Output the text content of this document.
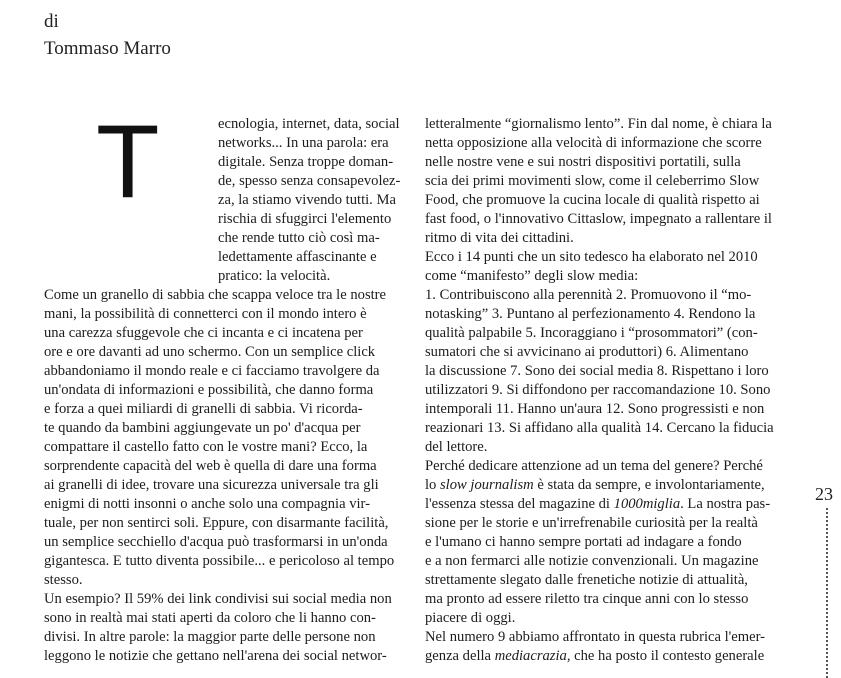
di
Tommaso Marro
T	ecnologia, internet, data, social
networks... In una parola: era
digitale. Senza troppe doman-
de, spesso senza consapevolez-
za, la stiamo vivendo tutti. Ma
rischia di sfuggirci l'elemento
che rende tutto ciò così ma-
ledettamente affascinante e
pratico: la velocità.
Come un granello di sabbia che scappa veloce tra le nostre
mani, la possibilità di connetterci con il mondo intero è
una carezza sfuggevole che ci incanta e ci incatena per
ore e ore davanti ad uno schermo. Con un semplice click
abbandoniamo il mondo reale e ci facciamo travolgere da
un'ondata di informazioni e possibilità, che danno forma
e forza a quei miliardi di granelli di sabbia. Vi ricorda-
te quando da bambini aggiungevate un po' d'acqua per
compattare il castello fatto con le vostre mani? Ecco, la
sorprendente capacità del web è quella di dare una forma
ai granelli di idee, trovare una sicurezza universale tra gli
enigmi di notti insonni o anche solo una compagnia vir-
tuale, per non sentirci soli. Eppure, con disarmante facilità,
un semplice secchiello d'acqua può trasformarsi in un'onda
gigantesca. E tutto diventa possibile... e pericoloso al tempo
stesso.
Un esempio? Il 59% dei link condivisi sui social media non
sono in realtà mai stati aperti da coloro che li hanno con-
divisi. In altre parole: la maggior parte delle persone non
leggono le notizie che gettano nell'arena dei social networ-
letteralmente “giornalismo lento”. Fin dal nome, è chiara la
netta opposizione alla velocità di informazione che scorre
nelle nostre vene e sui nostri dispositivi portatili, sulla
scia dei primi movimenti slow, come il celeberrimo Slow
Food, che promuove la cucina locale di qualità rispetto ai
fast food, o l'innovativo Cittaslow, impegnato a rallentare il
ritmo di vita dei cittadini.
Ecco i 14 punti che un sito tedesco ha elaborato nel 2010
come “manifesto” degli slow media:
1. Contribuiscono alla perennità 2. Promuovono il “mo-
notasking” 3. Puntano al perfezionamento 4. Rendono la
qualità palpabile 5. Incoraggiano i “prosommatori” (con-
sumatori che si avvicinano ai produttori) 6. Alimentano
la discussione 7. Sono dei social media 8. Rispettano i loro
utilizzatori 9. Si diffondono per raccomandazione 10. Sono
intemporali 11. Hanno un'aura 12. Sono progressisti e non
reazionari 13. Si affidano alla qualità 14. Cercano la fiducia
del lettore.
Perché dedicare attenzione ad un tema del genere? Perché
lo slow journalism è stata da sempre, e involontariamente,
l'essenza stessa del magazine di 1000miglia. La nostra pas-
sione per le storie e un'irrefrenabile curiosità per la realtà
e l'umano ci hanno sempre portati ad indagare a fondo
e a non fermarci alle notizie convenzionali. Un magazine
strettamente slegato dalle frenetiche notizie di attualità,
ma pronto ad essere riletto tra cinque anni con lo stesso
piacere di oggi.
Nel numero 9 abbiamo affrontato in questa rubrica l'emer-
genza della mediacrazia, che ha posto il contesto generale
23
